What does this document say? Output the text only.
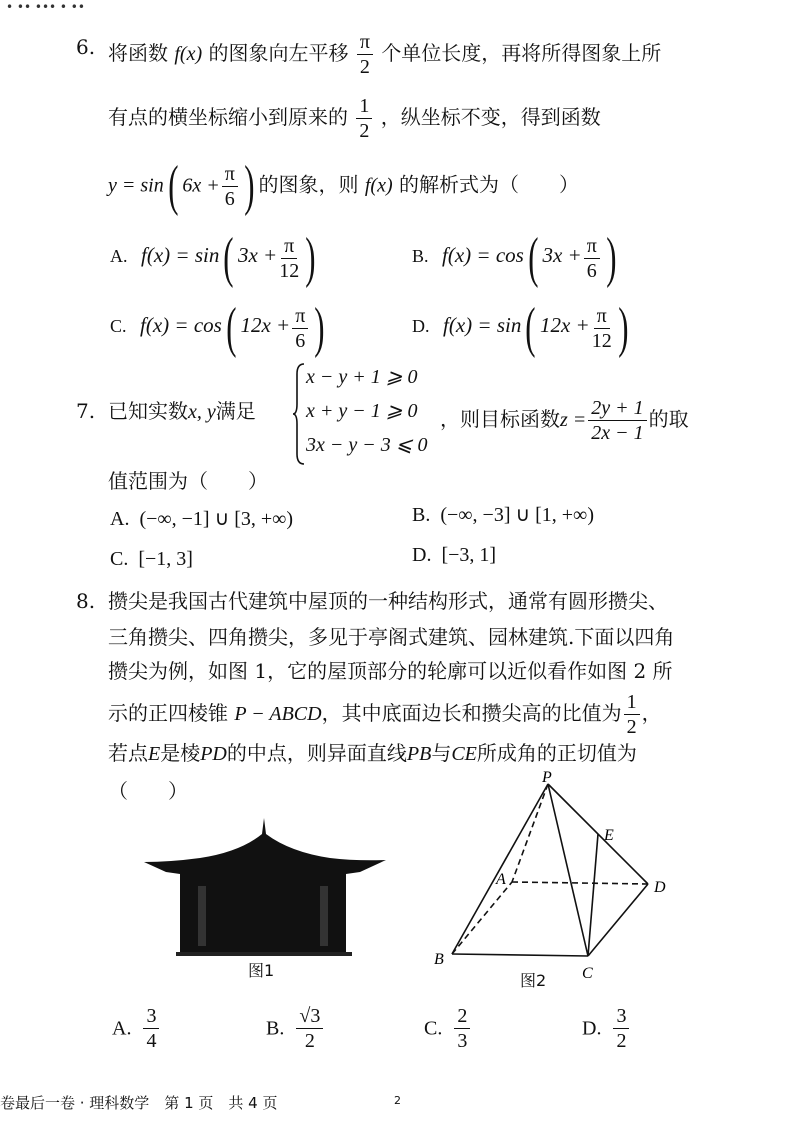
• •• ••• • ••
6. 将函数 f(x) 的图象向左平移 $\frac{\pi}{2}$ 个单位长度，再将所得图象上所
有点的横坐标缩小到原来的 $\frac{1}{2}$ ，纵坐标不变，得到函数
y = sin( $6x + \frac{\pi}{6}$ ) 的图象，则 f(x) 的解析式为（　　）
A. f(x) = sin( $3x + \frac{\pi}{12}$ )	B. f(x) = cos( $3x + \frac{\pi}{6}$ )
C. f(x) = cos( $12x + \frac{\pi}{6}$ )	D. f(x) = sin( $12x + \frac{\pi}{12}$ )
7. 已知实数x, y满足
x − y + 1 ⩾ 0
x + y − 1 ⩾ 0
3x − y − 3 ⩽ 0
，则目标函数$z = \frac{2y + 1}{2x - 1}$ 的取
值范围为（　　）
A. (−∞, −1] ∪ [3, +∞)	B. (−∞, −3] ∪ [1, +∞)
C. [−1, 3]	D. [−3, 1]
8. 攒尖是我国古代建筑中屋顶的一种结构形式，通常有圆形攒尖、
三角攒尖、四角攒尖，多见于亭阁式建筑、园林建筑.下面以四角
攒尖为例，如图 1，它的屋顶部分的轮廓可以近似看作如图 2 所
示的正四棱锥 P − ABCD，其中底面边长和攒尖高的比值为 $\frac{1}{2}$ ，
若点E是棱PD的中点，则异面直线PB与CE所成角的正切值为
（　　）
图1
P
A
B
C
D
E
图2
A. $\frac{3}{4}$	B. $\frac{√3}{2}$	C. $\frac{2}{3}$	D. $\frac{3}{2}$
卷最后一卷 · 理科数学　第 1 页　共 4 页	2
